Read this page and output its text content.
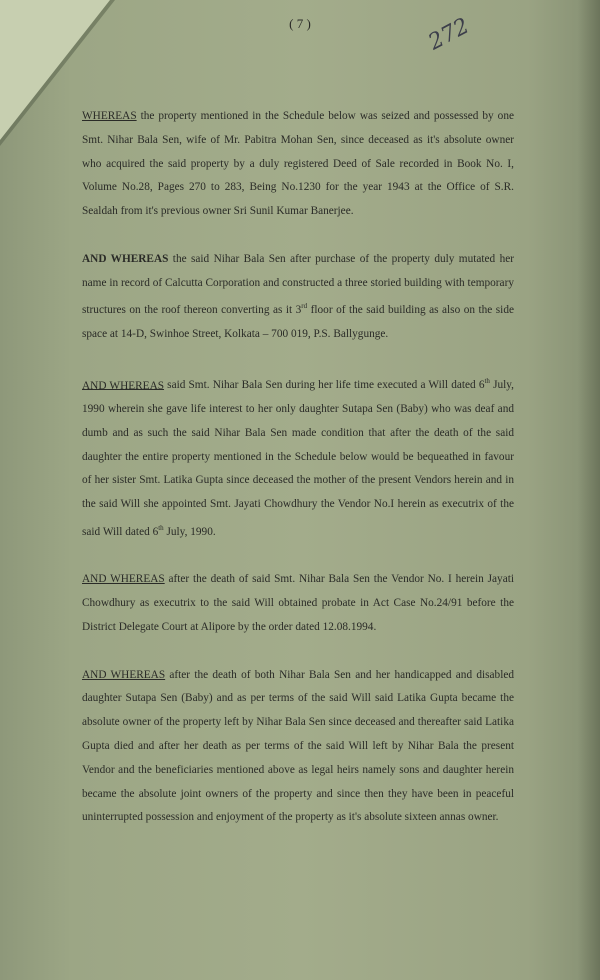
( 7 )	272

WHEREAS the property mentioned in the Schedule below was seized and possessed by one Smt. Nihar Bala Sen, wife of Mr. Pabitra Mohan Sen, since deceased as it's absolute owner who acquired the said property by a duly registered Deed of Sale recorded in Book No. I, Volume No.28, Pages 270 to 283, Being No.1230 for the year 1943 at the Office of S.R. Sealdah from it's previous owner Sri Sunil Kumar Banerjee.

AND WHEREAS the said Nihar Bala Sen after purchase of the property duly mutated her name in record of Calcutta Corporation and constructed a three storied building with temporary structures on the roof thereon converting as it 3rd floor of the said building as also on the side space at 14-D, Swinhoe Street, Kolkata – 700 019, P.S. Ballygunge.

AND WHEREAS said Smt. Nihar Bala Sen during her life time executed a Will dated 6th July, 1990 wherein she gave life interest to her only daughter Sutapa Sen (Baby) who was deaf and dumb and as such the said Nihar Bala Sen made condition that after the death of the said daughter the entire property mentioned in the Schedule below would be bequeathed in favour of her sister Smt. Latika Gupta since deceased the mother of the present Vendors herein and in the said Will she appointed Smt. Jayati Chowdhury the Vendor No.I herein as executrix of the said Will dated 6th July, 1990.

AND WHEREAS after the death of said Smt. Nihar Bala Sen the Vendor No. I herein Jayati Chowdhury as executrix to the said Will obtained probate in Act Case No.24/91 before the District Delegate Court at Alipore by the order dated 12.08.1994.

AND WHEREAS after the death of both Nihar Bala Sen and her handicapped and disabled daughter Sutapa Sen (Baby) and as per terms of the said Will said Latika Gupta became the absolute owner of the property left by Nihar Bala Sen since deceased and thereafter said Latika Gupta died and after her death as per terms of the said Will left by Nihar Bala the present Vendor and the beneficiaries mentioned above as legal heirs namely sons and daughter herein became the absolute joint owners of the property and since then they have been in peaceful uninterrupted possession and enjoyment of the property as it's absolute sixteen annas owner.
